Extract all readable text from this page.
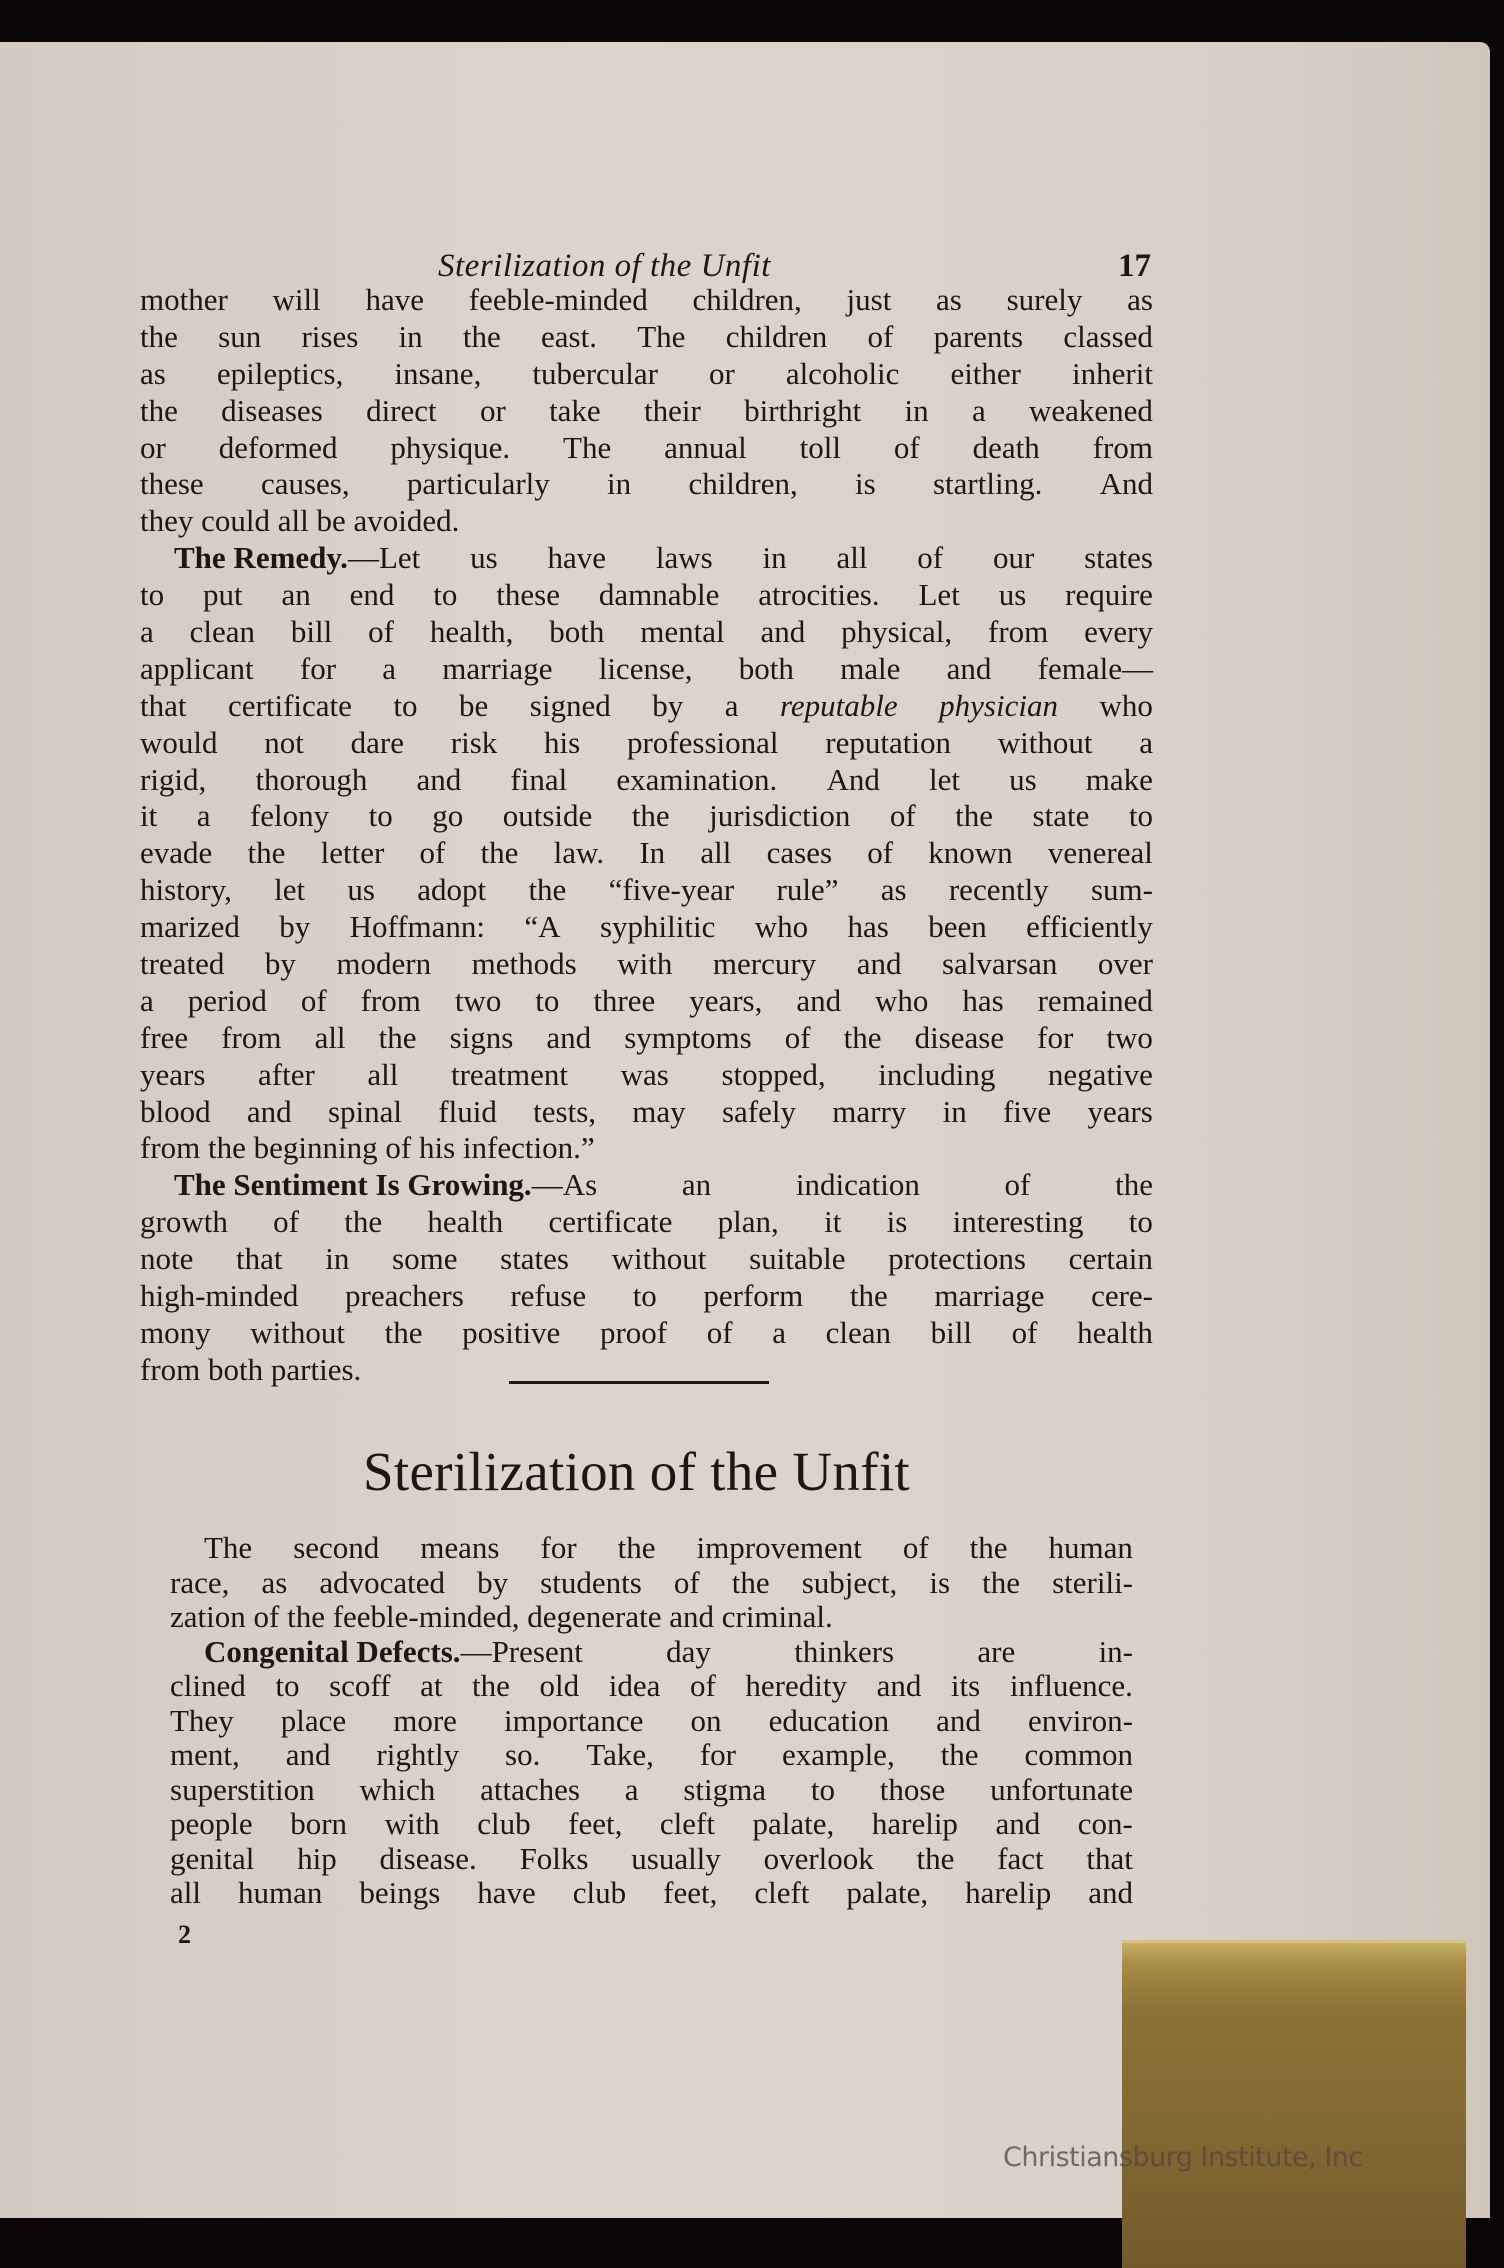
Sterilization of the Unfit	17
mother will have feeble-minded children, just as surely as
the sun rises in the east. The children of parents classed
as epileptics, insane, tubercular or alcoholic either inherit
the diseases direct or take their birthright in a weakened
or deformed physique. The annual toll of death from
these causes, particularly in children, is startling. And
they could all be avoided.
The Remedy.—Let us have laws in all of our states
to put an end to these damnable atrocities. Let us require
a clean bill of health, both mental and physical, from every
applicant for a marriage license, both male and female—
that certificate to be signed by a reputable physician who
would not dare risk his professional reputation without a
rigid, thorough and final examination. And let us make
it a felony to go outside the jurisdiction of the state to
evade the letter of the law. In all cases of known venereal
history, let us adopt the “five-year rule” as recently sum-
marized by Hoffmann: “A syphilitic who has been efficiently
treated by modern methods with mercury and salvarsan over
a period of from two to three years, and who has remained
free from all the signs and symptoms of the disease for two
years after all treatment was stopped, including negative
blood and spinal fluid tests, may safely marry in five years
from the beginning of his infection.”
The Sentiment Is Growing.—As	an	indication	of	the
growth of the health certificate plan, it is interesting to
note that in some states without suitable protections certain
high-minded preachers refuse to perform the marriage cere-
mony without the positive proof of a clean bill of health
from both parties.
Sterilization of the Unfit
The second means for the improvement of the human
race, as advocated by students of the subject, is the sterili-
zation of the feeble-minded, degenerate and criminal.
Congenital Defects.—Present	day	thinkers	are	in-
clined to scoff at the old idea of heredity and its influence.
They place more importance on education and environ-
ment, and rightly so. Take, for example, the common
superstition which attaches a stigma to those unfortunate
people born with club feet, cleft palate, harelip and con-
genital hip disease. Folks usually overlook the fact that
all human beings have club feet, cleft palate, harelip and
2
Christiansburg Institute, Inc
